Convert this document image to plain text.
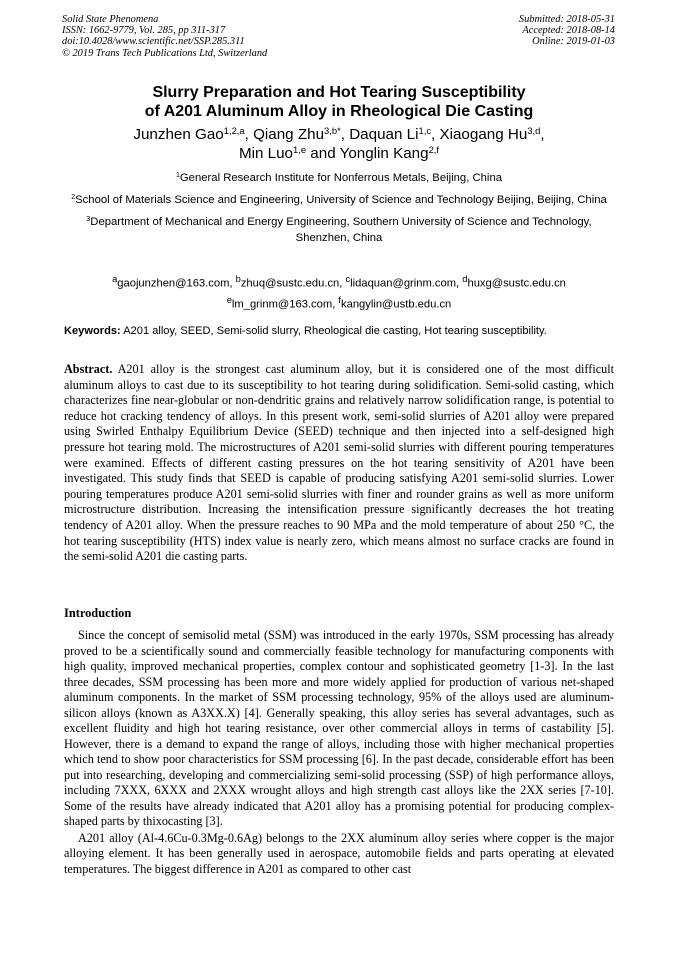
Solid State Phenomena
ISSN: 1662-9779, Vol. 285, pp 311-317
doi:10.4028/www.scientific.net/SSP.285.311
© 2019 Trans Tech Publications Ltd, Switzerland
Submitted: 2018-05-31
Accepted: 2018-08-14
Online: 2019-01-03
Slurry Preparation and Hot Tearing Susceptibility
of A201 Aluminum Alloy in Rheological Die Casting
Junzhen Gao$^{1,2,a}$, Qiang Zhu$^{3,b*}$, Daquan Li$^{1,c}$, Xiaogang Hu$^{3,d}$,
Min Luo$^{1,e}$ and Yonglin Kang$^{2,f}$

$^1$General Research Institute for Nonferrous Metals, Beijing, China

$^2$School of Materials Science and Engineering, University of Science and Technology Beijing, Beijing, China

$^3$Department of Mechanical and Energy Engineering, Southern University of Science and Technology, Shenzhen, China

$^a$gaojunzhen@163.com, $^b$zhuq@sustc.edu.cn, $^c$lidaquan@grinm.com, $^d$huxg@sustc.edu.cn
$^e$lm_grinm@163.com, $^f$kangylin@ustb.edu.cn
Keywords: A201 alloy, SEED, Semi-solid slurry, Rheological die casting, Hot tearing susceptibility.

Abstract. A201 alloy is the strongest cast aluminum alloy, but it is considered one of the most difficult aluminum alloys to cast due to its susceptibility to hot tearing during solidification. Semi-solid casting, which characterizes fine near-globular or non-dendritic grains and relatively narrow solidification range, is potential to reduce hot cracking tendency of alloys. In this present work, semi-solid slurries of A201 alloy were prepared using Swirled Enthalpy Equilibrium Device (SEED) technique and then injected into a self-designed high pressure hot tearing mold. The microstructures of A201 semi-solid slurries with different pouring temperatures were examined. Effects of different casting pressures on the hot tearing sensitivity of A201 have been investigated. This study finds that SEED is capable of producing satisfying A201 semi-solid slurries. Lower pouring temperatures produce A201 semi-solid slurries with finer and rounder grains as well as more uniform microstructure distribution. Increasing the intensification pressure significantly decreases the hot treating tendency of A201 alloy. When the pressure reaches to 90 MPa and the mold temperature of about 250 °C, the hot tearing susceptibility (HTS) index value is nearly zero, which means almost no surface cracks are found in the semi-solid A201 die casting parts.

Introduction

Since the concept of semisolid metal (SSM) was introduced in the early 1970s, SSM processing has already proved to be a scientifically sound and commercially feasible technology for manufacturing components with high quality, improved mechanical properties, complex contour and sophisticated geometry [1-3]. In the last three decades, SSM processing has been more and more widely applied for production of various net-shaped aluminum components. In the market of SSM processing technology, 95% of the alloys used are aluminum-silicon alloys (known as A3XX.X) [4]. Generally speaking, this alloy series has several advantages, such as excellent fluidity and high hot tearing resistance, over other commercial alloys in terms of castability [5]. However, there is a demand to expand the range of alloys, including those with higher mechanical properties which tend to show poor characteristics for SSM processing [6]. In the past decade, considerable effort has been put into researching, developing and commercializing semi-solid processing (SSP) of high performance alloys, including 7XXX, 6XXX and 2XXX wrought alloys and high strength cast alloys like the 2XX series [7-10]. Some of the results have already indicated that A201 alloy has a promising potential for producing complex-shaped parts by thixocasting [3].

A201 alloy (Al-4.6Cu-0.3Mg-0.6Ag) belongs to the 2XX aluminum alloy series where copper is the major alloying element. It has been generally used in aerospace, automobile fields and parts operating at elevated temperatures. The biggest difference in A201 as compared to other cast
